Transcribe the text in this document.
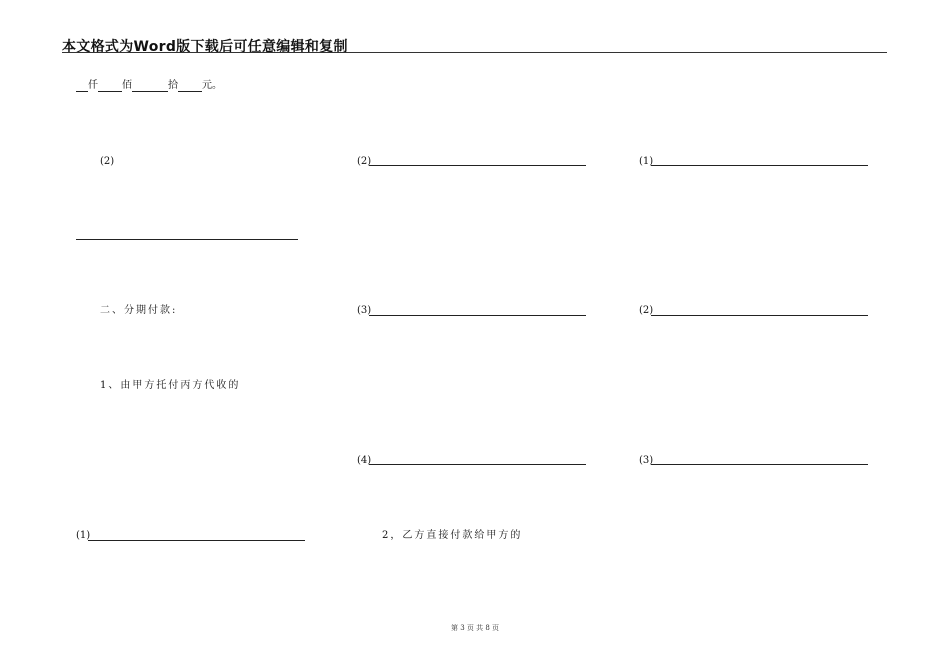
本文格式为Word版下载后可任意编辑和复制
仟 佰	拾 元。
(2)	(2)	(1)
二、分期付款:	(3)	(2)
1、由甲方托付丙方代收的
(4)	(3)
(1)	2，乙方直接付款给甲方的
第 3 页 共 8 页
